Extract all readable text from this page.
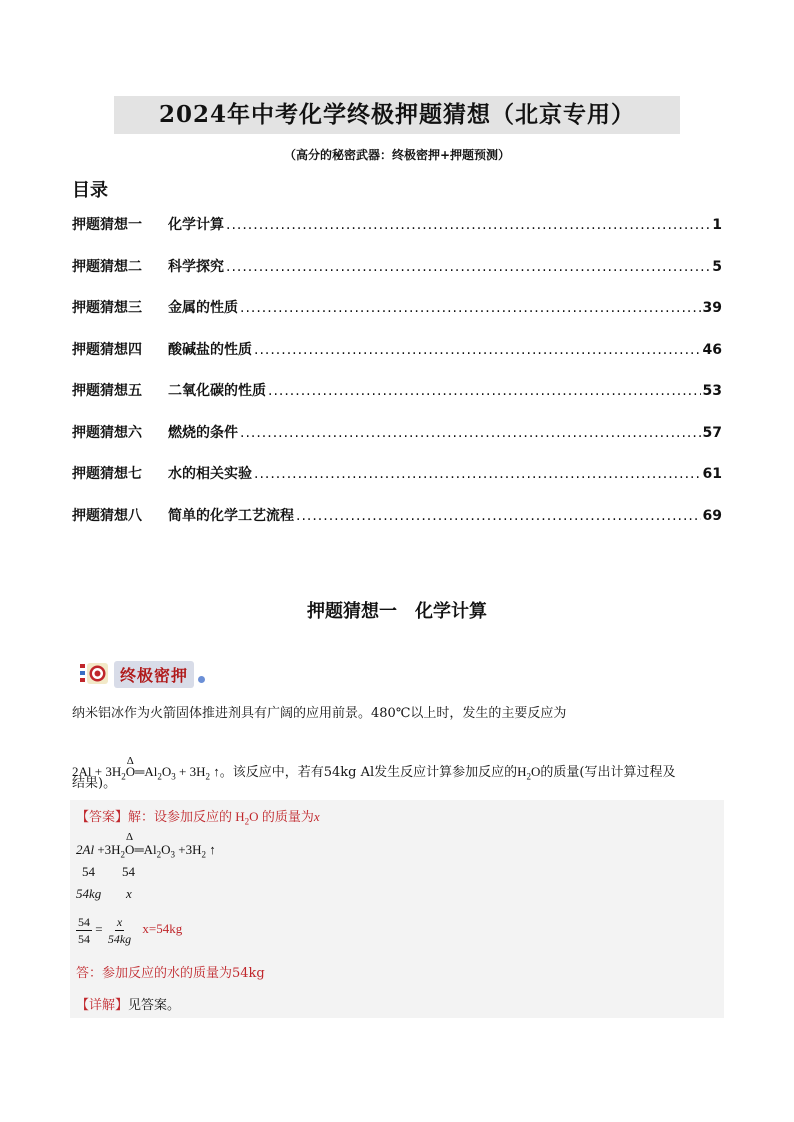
2024年中考化学终极押题猜想（北京专用）
（高分的秘密武器：终极密押+押题预测）
目录
押题猜想一	化学计算 .....	1
押题猜想二	科学探究 .....	5
押题猜想三	金属的性质 .....	39
押题猜想四	酸碱盐的性质 .....	46
押题猜想五	二氧化碳的性质 .....	53
押题猜想六	燃烧的条件 .....	57
押题猜想七	水的相关实验 .....	61
押题猜想八	简单的化学工艺流程 .....	69
押题猜想一 化学计算
终极密押
纳米铝冰作为火箭固体推进剂具有广阔的应用前景。480℃以上时，发生的主要反应为
$2Al + 3H_2$
Δ
$O═Al_2O_3 + 3H_2$ ↑。该反应中，若有54kg Al发生反应计算参加反应的$H_2O$的质量(写出计算过程及
结果)。
【答案】解：设参加反应的 $H_2O$ 的质量为x
$2Al +3H_2$
Δ
$O═Al_2O_3 +3H_2$ ↑
54 54
54kg x
$\frac{54}{54} = \frac{x}{54kg} x=54kg$
答：参加反应的水的质量为54kg
【详解】见答案。
